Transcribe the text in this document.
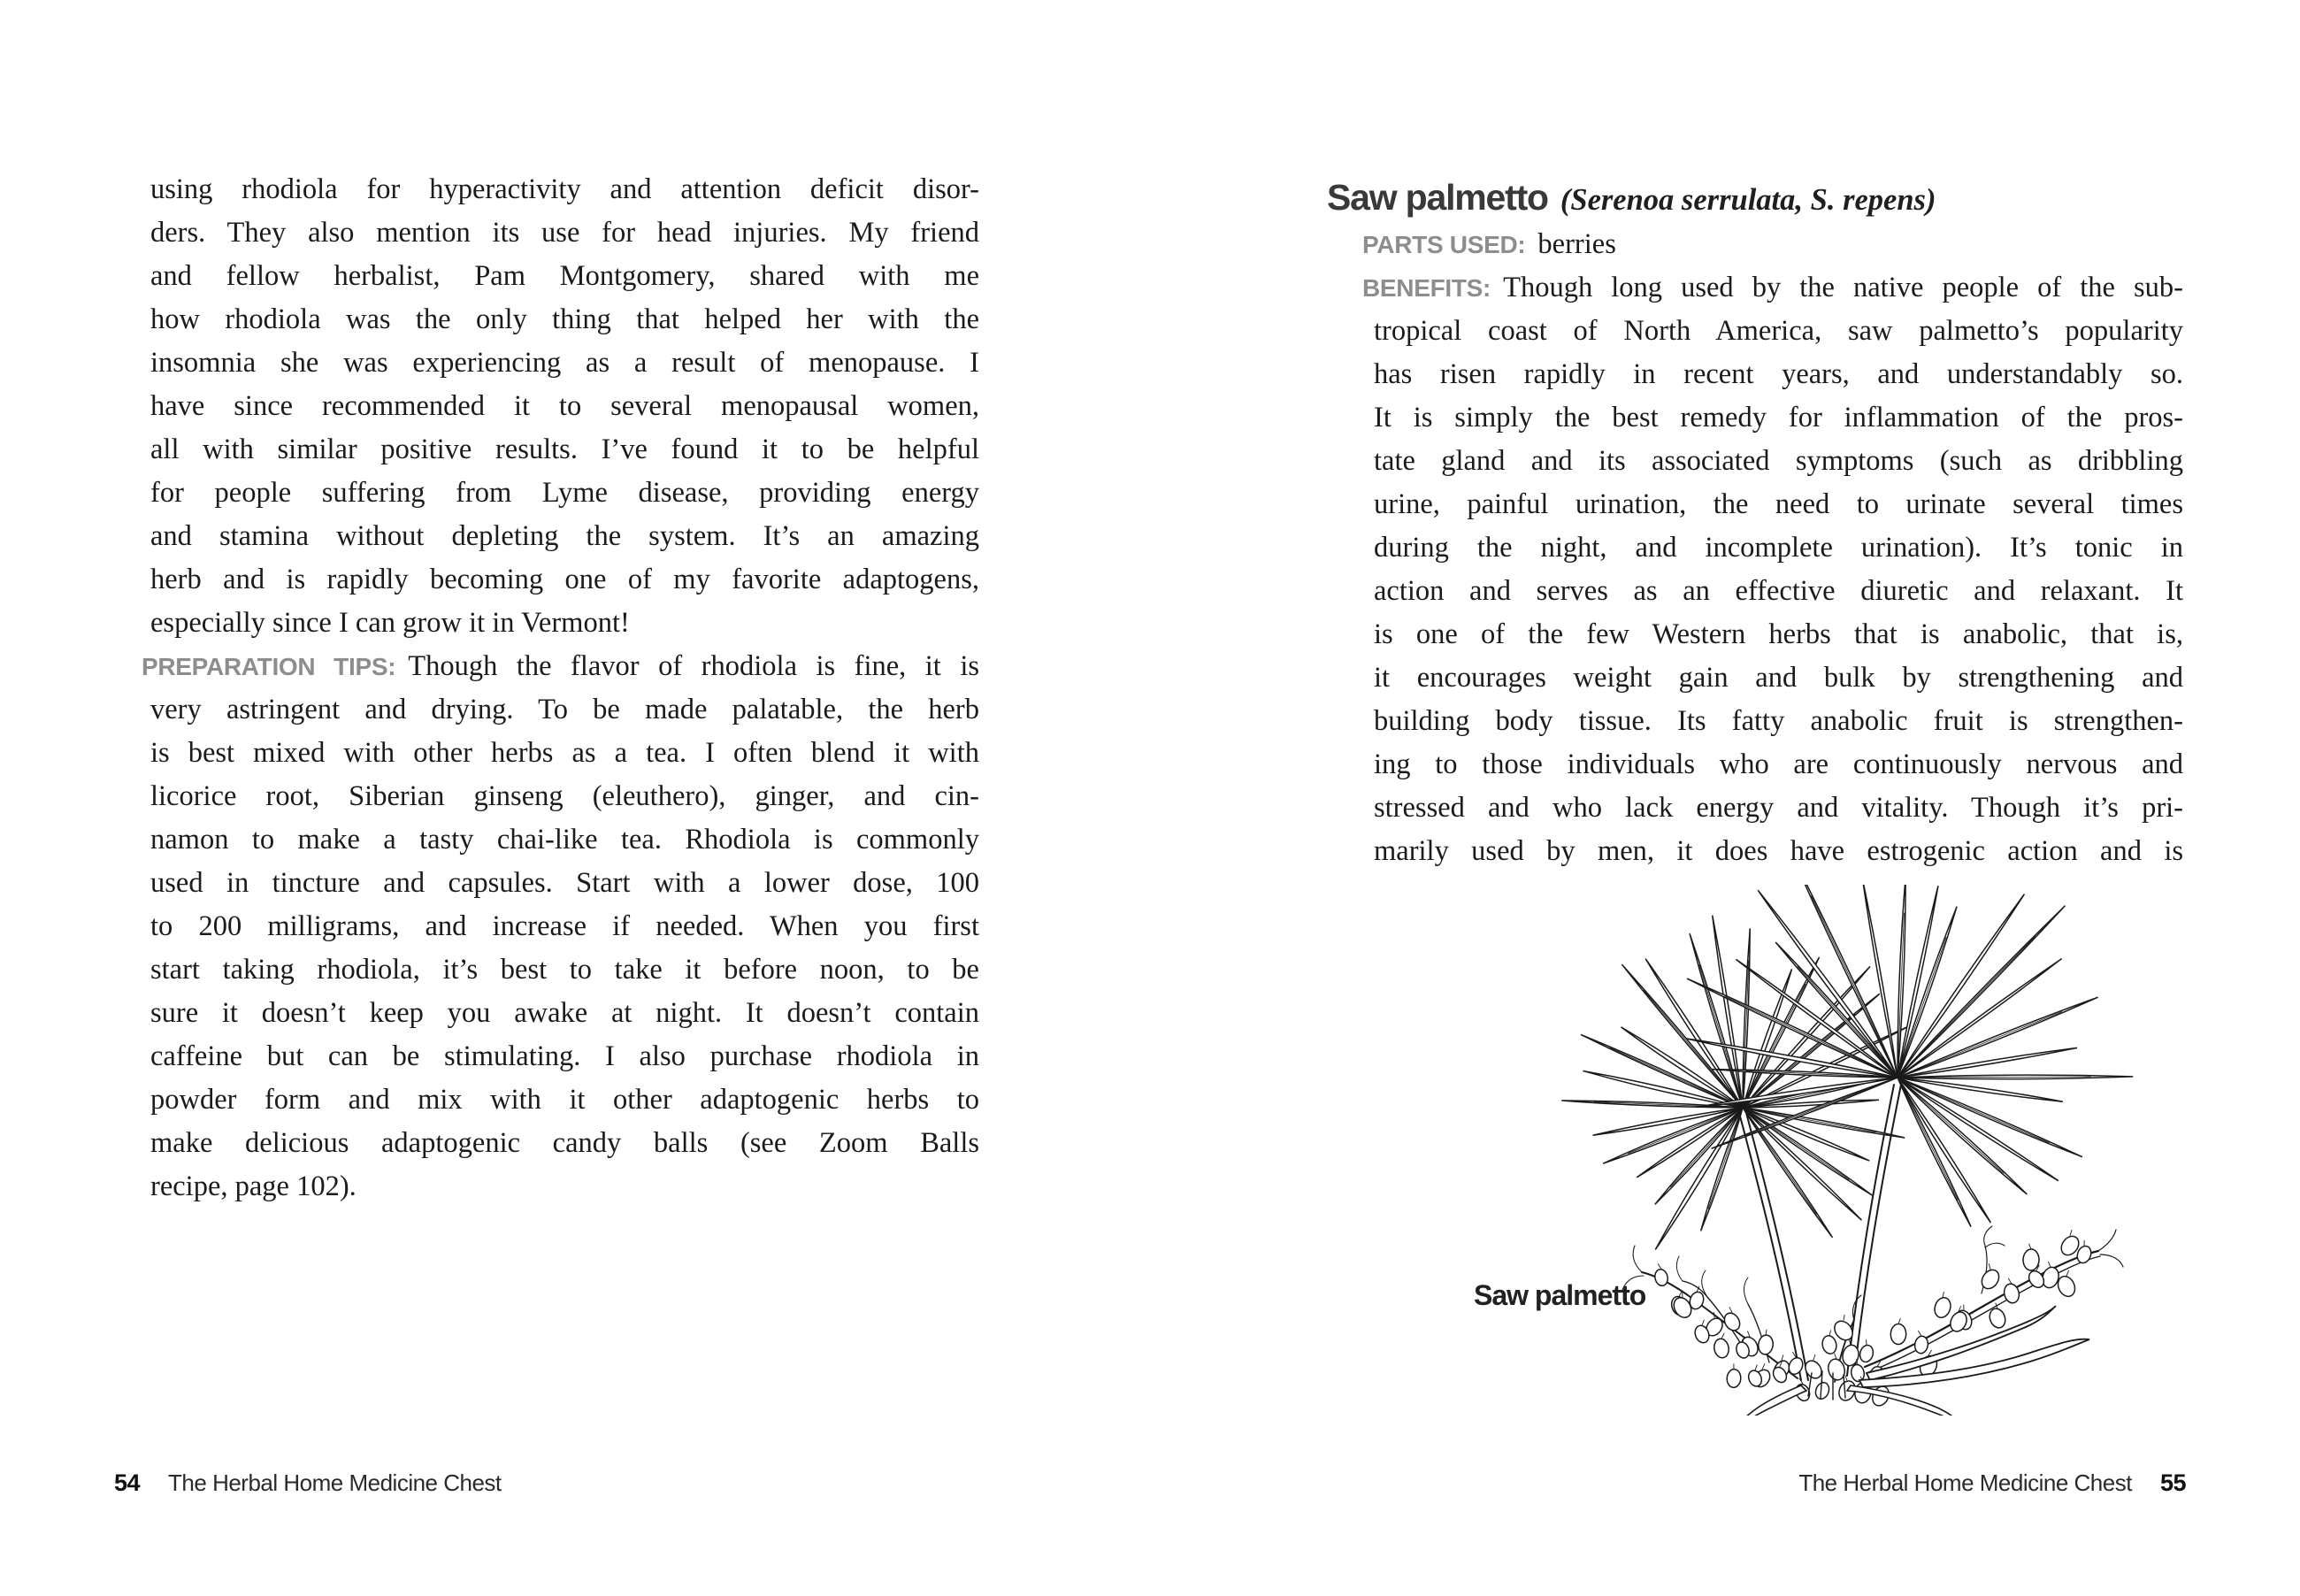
using rhodiola for hyperactivity and attention deficit disor-
ders. They also mention its use for head injuries. My friend
and fellow herbalist, Pam Montgomery, shared with me
how rhodiola was the only thing that helped her with the
insomnia she was experiencing as a result of menopause. I
have since recommended it to several menopausal women,
all with similar positive results. I’ve found it to be helpful
for people suffering from Lyme disease, providing energy
and stamina without depleting the system. It’s an amazing
herb and is rapidly becoming one of my favorite adaptogens,
especially since I can grow it in Vermont!
PREPARATION TIPS: Though the flavor of rhodiola is fine, it is
very astringent and drying. To be made palatable, the herb
is best mixed with other herbs as a tea. I often blend it with
licorice root, Siberian ginseng (eleuthero), ginger, and cin-
namon to make a tasty chai-like tea. Rhodiola is commonly
used in tincture and capsules. Start with a lower dose, 100
to 200 milligrams, and increase if needed. When you first
start taking rhodiola, it’s best to take it before noon, to be
sure it doesn’t keep you awake at night. It doesn’t contain
caffeine but can be stimulating. I also purchase rhodiola in
powder form and mix with it other adaptogenic herbs to
make delicious adaptogenic candy balls (see Zoom Balls
recipe, page 102).
Saw palmetto (Serenoa serrulata, S. repens)
PARTS USED: berries
BENEFITS: Though long used by the native people of the sub-
tropical coast of North America, saw palmetto’s popularity
has risen rapidly in recent years, and understandably so.
It is simply the best remedy for inflammation of the pros-
tate gland and its associated symptoms (such as dribbling
urine, painful urination, the need to urinate several times
during the night, and incomplete urination). It’s tonic in
action and serves as an effective diuretic and relaxant. It
is one of the few Western herbs that is anabolic, that is,
it encourages weight gain and bulk by strengthening and
building body tissue. Its fatty anabolic fruit is strengthen-
ing to those individuals who are continuously nervous and
stressed and who lack energy and vitality. Though it’s pri-
marily used by men, it does have estrogenic action and is
Saw palmetto
54 The Herbal Home Medicine Chest	The Herbal Home Medicine Chest 55
